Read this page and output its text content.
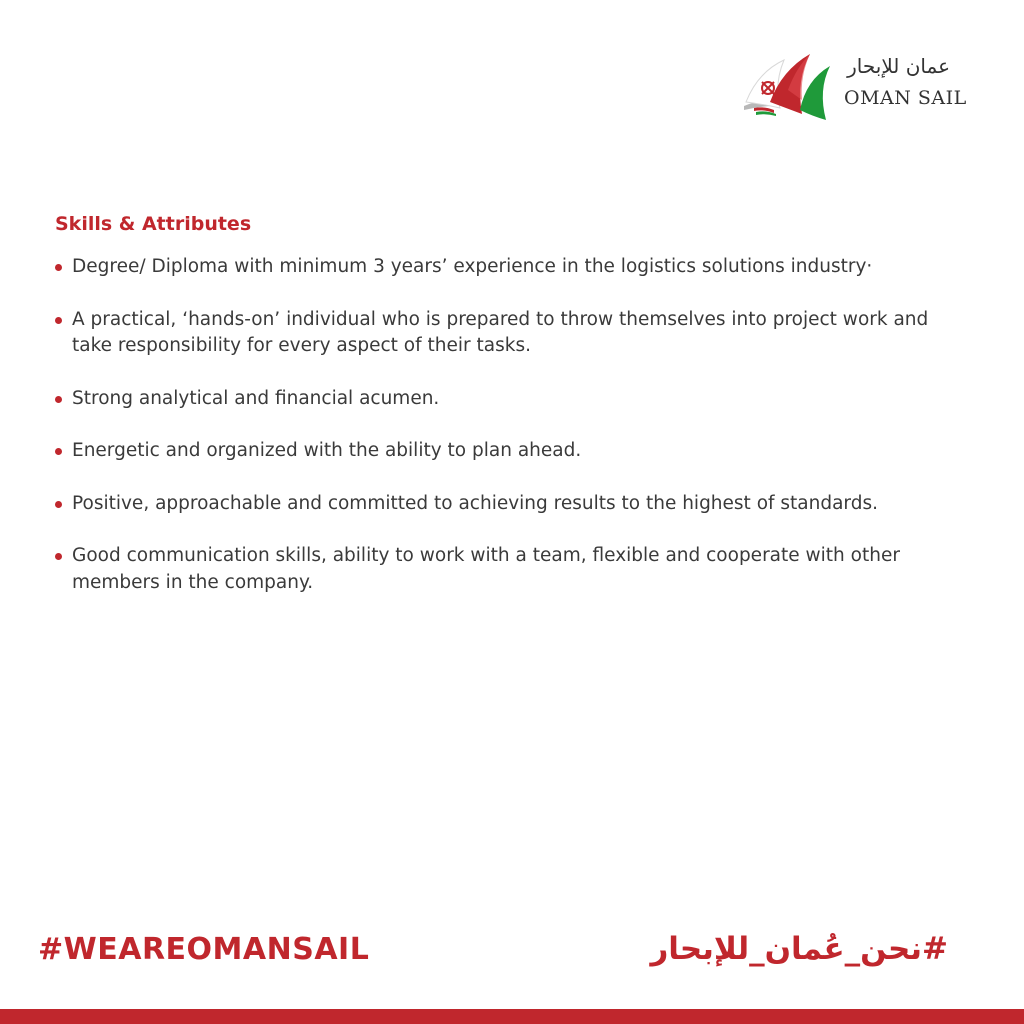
عمان للإبحار
OMAN SAIL
Skills & Attributes
Degree/ Diploma with minimum 3 years’ experience in the logistics solutions industry·
A practical, ‘hands-on’ individual who is prepared to throw themselves into project work and take responsibility for every aspect of their tasks.
Strong analytical and financial acumen.
Energetic and organized with the ability to plan ahead.
Positive, approachable and committed to achieving results to the highest of standards.
Good communication skills, ability to work with a team, flexible and cooperate with other members in the company.

#WEAREOMANSAIL	#نحن_عُمان_للإبحار
